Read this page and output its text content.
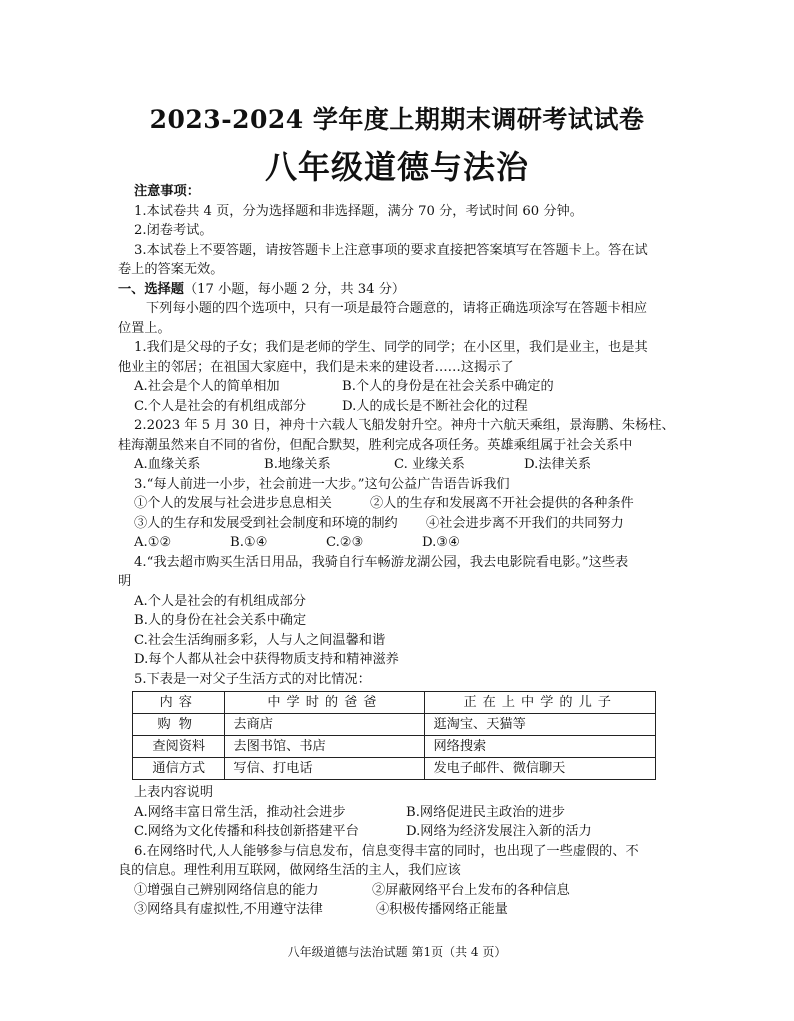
2023-2024 学年度上期期末调研考试试卷
八年级道德与法治

注意事项：

1.本试卷共 4 页，分为选择题和非选择题，满分 70 分，考试时间 60 分钟。

2.闭卷考试。

3.本试卷上不要答题，请按答题卡上注意事项的要求直接把答案填写在答题卡上。答在试

卷上的答案无效。

一、选择题（17 小题，每小题 2 分，共 34 分）

下列每小题的四个选项中，只有一项是最符合题意的，请将正确选项涂写在答题卡相应

位置上。

1.我们是父母的子女；我们是老师的学生、同学的同学；在小区里，我们是业主，也是其

他业主的邻居；在祖国大家庭中，我们是未来的建设者……这揭示了

A.社会是个人的简单相加	B.个人的身份是在社会关系中确定的
C.个人是社会的有机组成部分	D.人的成长是不断社会化的过程

2.2023 年 5 月 30 日，神舟十六载人飞船发射升空。神舟十六航天乘组，景海鹏、朱杨柱、

桂海潮虽然来自不同的省份，但配合默契，胜利完成各项任务。英雄乘组属于社会关系中

A.血缘关系	B.地缘关系	C. 业缘关系	D.法律关系

3.“每人前进一小步，社会前进一大步。”这句公益广告语告诉我们

①个人的发展与社会进步息息相关	②人的生存和发展离不开社会提供的各种条件
③人的生存和发展受到社会制度和环境的制约	④社会进步离不开我们的共同努力
A.①②	B.①④	C.②③	D.③④

4.“我去超市购买生活日用品，我骑自行车畅游龙湖公园，我去电影院看电影。”这些表

明

A.个人是社会的有机组成部分

B.人的身份在社会关系中确定

C.社会生活绚丽多彩，人与人之间温馨和谐

D.每个人都从社会中获得物质支持和精神滋养

5.下表是一对父子生活方式的对比情况：

内容	中学时的爸爸	正在上中学的儿子
购物	去商店	逛淘宝、天猫等
查阅资料	去图书馆、书店	网络搜索
通信方式	写信、打电话	发电子邮件、微信聊天

上表内容说明

A.网络丰富日常生活，推动社会进步	B.网络促进民主政治的进步
C.网络为文化传播和科技创新搭建平台	D.网络为经济发展注入新的活力

6.在网络时代,人人能够参与信息发布，信息变得丰富的同时，也出现了一些虚假的、不

良的信息。理性利用互联网，做网络生活的主人，我们应该

①增强自己辨别网络信息的能力	②屏蔽网络平台上发布的各种信息
③网络具有虚拟性,不用遵守法律	④积极传播网络正能量
八年级道德与法治试题 第1页（共 4 页）
